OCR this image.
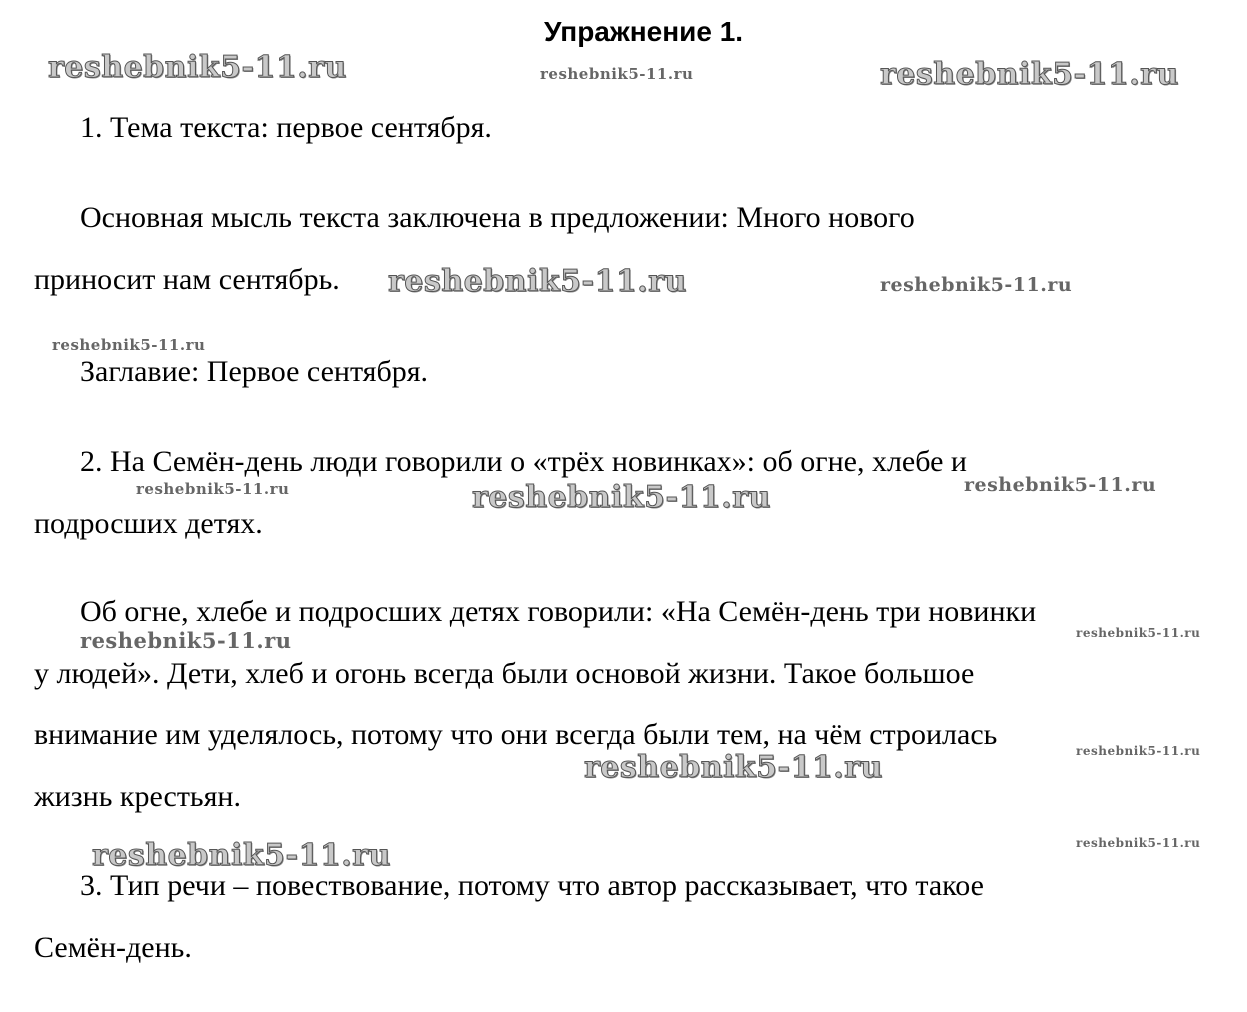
Упражнение 1.
1. Тема текста: первое сентября.
Основная мысль текста заключена в предложении: Много нового
приносит нам сентябрь.
Заглавие: Первое сентября.
2. На Семён-день люди говорили о «трёх новинках»: об огне, хлебе и
подросших детях.
Об огне, хлебе и подросших детях говорили: «На Семён-день три новинки
у людей». Дети, хлеб и огонь всегда были основой жизни. Такое большое
внимание им уделялось, потому что они всегда были тем, на чём строилась
жизнь крестьян.
3. Тип речи – повествование, потому что автор рассказывает, что такое
Семён-день.
reshebnik5-11.ru	reshebnik5-11.ru	reshebnik5-11.ru
reshebnik5-11.ru	reshebnik5-11.ru
reshebnik5-11.ru
reshebnik5-11.ru	reshebnik5-11.ru	reshebnik5-11.ru
reshebnik5-11.ru	reshebnik5-11.ru
reshebnik5-11.ru
reshebnik5-11.ru
reshebnik5-11.ru
reshebnik5-11.ru
